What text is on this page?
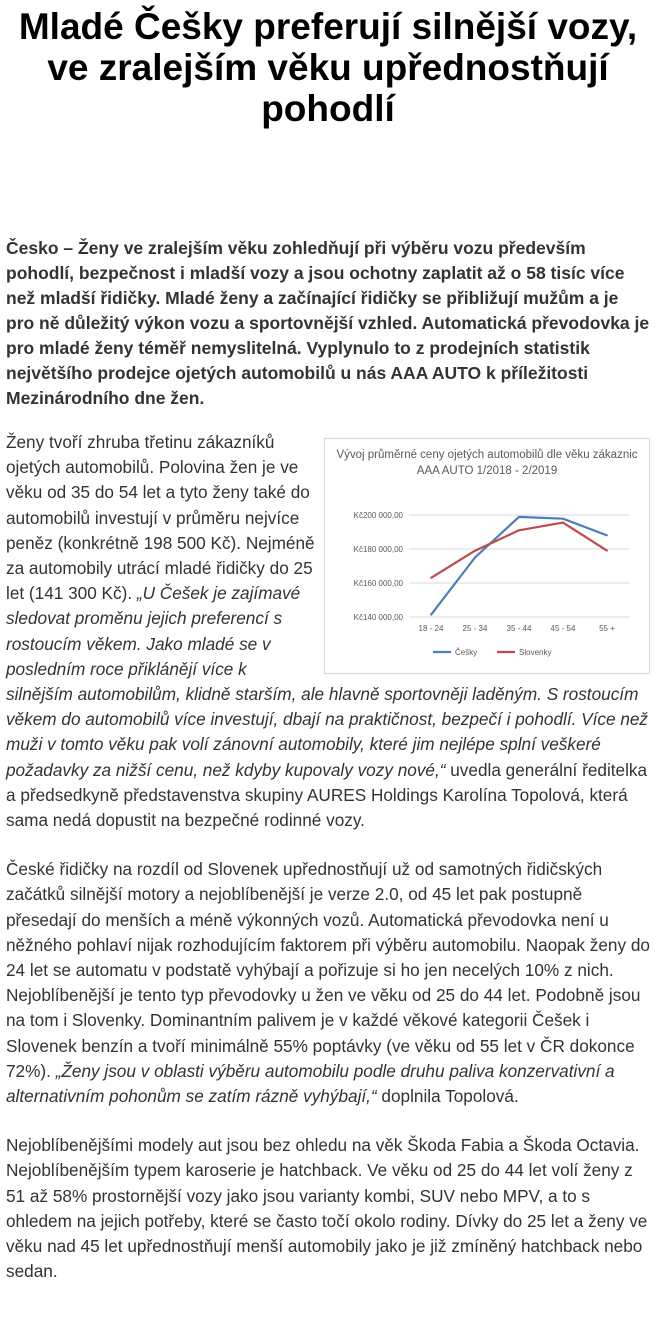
Mladé Češky preferují silnější vozy, ve zralejším věku upřednostňují pohodlí

Česko – Ženy ve zralejším věku zohledňují při výběru vozu především pohodlí, bezpečnost i mladší vozy a jsou ochotny zaplatit až o 58 tisíc více než mladší řidičky. Mladé ženy a začínající řidičky se přibližují mužům a je pro ně důležitý výkon vozu a sportovnější vzhled. Automatická převodovka je pro mladé ženy téměř nemyslitelná. Vyplynulo to z prodejních statistik největšího prodejce ojetých automobilů u nás AAA AUTO k příležitosti Mezinárodního dne žen.

Vývoj průměrné ceny ojetých automobilů dle věku zákaznic AAA AUTO 1/2018 - 2/2019
Kč140 000,00
Kč160 000,00
Kč180 000,00
Kč200 000,00
18 - 24 25 - 34 35 - 44 45 - 54	55 +
Češky	Slovenky

Ženy tvoří zhruba třetinu zákazníků ojetých automobilů. Polovina žen je ve věku od 35 do 54 let a tyto ženy také do automobilů investují v průměru nejvíce peněz (konkrétně 198 500 Kč). Nejméně za automobily utrácí mladé řidičky do 25 let (141 300 Kč). „U Češek je zajímavé sledovat proměnu jejich preferencí s rostoucím věkem. Jako mladé se v posledním roce přiklánějí více k silnějším automobilům, klidně starším, ale hlavně sportovněji laděným. S rostoucím věkem do automobilů více investují, dbají na praktičnost, bezpečí i pohodlí. Více než muži v tomto věku pak volí zánovní automobily, které jim nejlépe splní veškeré požadavky za nižší cenu, než kdyby kupovaly vozy nové,“ uvedla generální ředitelka a předsedkyně představenstva skupiny AURES Holdings Karolína Topolová, která sama nedá dopustit na bezpečné rodinné vozy.

České řidičky na rozdíl od Slovenek upřednostňují už od samotných řidičských začátků silnější motory a nejoblíbenější je verze 2.0, od 45 let pak postupně přesedají do menších a méně výkonných vozů. Automatická převodovka není u něžného pohlaví nijak rozhodujícím faktorem při výběru automobilu. Naopak ženy do 24 let se automatu v podstatě vyhýbají a pořizuje si ho jen necelých 10% z nich. Nejoblíbenější je tento typ převodovky u žen ve věku od 25 do 44 let. Podobně jsou na tom i Slovenky. Dominantním palivem je v každé věkové kategorii Češek i Slovenek benzín a tvoří minimálně 55% poptávky (ve věku od 55 let v ČR dokonce 72%). „Ženy jsou v oblasti výběru automobilu podle druhu paliva konzervativní a alternativním pohonům se zatím rázně vyhýbají,“ doplnila Topolová.

Nejoblíbenějšími modely aut jsou bez ohledu na věk Škoda Fabia a Škoda Octavia. Nejoblíbenějším typem karoserie je hatchback. Ve věku od 25 do 44 let volí ženy z 51 až 58% prostornější vozy jako jsou varianty kombi, SUV nebo MPV, a to s ohledem na jejich potřeby, které se často točí okolo rodiny. Dívky do 25 let a ženy ve věku nad 45 let upřednostňují menší automobily jako je již zmíněný hatchback nebo sedan.
